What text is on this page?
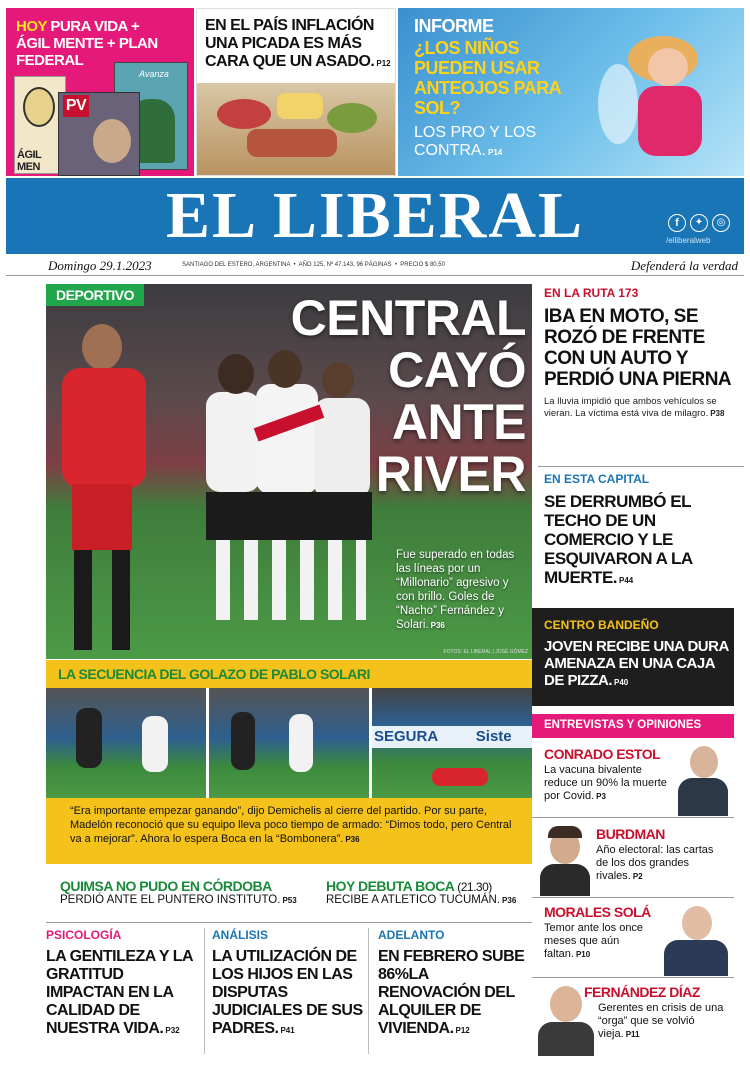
HOY PURA VIDA +
ÁGIL MENTE + PLAN
FEDERAL
ÁGIL MEN
Avanza
PV
EN EL PAÍS INFLACIÓN UNA PICADA ES MÁS CARA QUE UN ASADO. P12
INFORME
¿LOS NIÑOS PUEDEN USAR ANTEOJOS PARA SOL?
LOS PRO Y LOS CONTRA. P14
EL LIBERAL	f	✦	◎
/elliberalweb
Domingo 29.1.2023	SANTIAGO DEL ESTERO, ARGENTINA  •  AÑO 125, Nº 47.143, 96 PÁGINAS  •  PRECIO $ 80,50	Defenderá la verdad
DEPORTIVO	CENTRAL
CAYÓ
ANTE
RIVER
Fue superado en todas las líneas por un “Millonario” agresivo y con brillo. Goles de “Nacho” Fernández y Solari. P36
FOTOS: EL LIBERAL | JOSÉ GÓMEZ
LA SECUENCIA DEL GOLAZO DE PABLO SOLARI
SEGURA	Siste
“Era importante empezar ganando”, dijo Demichelis al cierre del partido. Por su parte, Madelón reconoció que su equipo lleva poco tiempo de armado: “Dimos todo, pero Central va a mejorar”. Ahora lo espera Boca en la “Bombonera”. P36
QUIMSA NO PUDO EN CÓRDOBA
PERDIÓ ANTE EL PUNTERO INSTITUTO. P53
HOY DEBUTA BOCA (21.30)
RECIBE A ATLETICO TUCUMÁN. P36
PSICOLOGÍA
LA GENTILEZA Y LA GRATITUD IMPACTAN EN LA CALIDAD DE NUESTRA VIDA. P32
ANÁLISIS
LA UTILIZACIÓN DE LOS HIJOS EN LAS DISPUTAS JUDICIALES DE SUS PADRES. P41
ADELANTO
EN FEBRERO SUBE 86%LA RENOVACIÓN DEL ALQUILER DE VIVIENDA. P12
EN LA RUTA 173
IBA EN MOTO, SE ROZÓ DE FRENTE CON UN AUTO Y PERDIÓ UNA PIERNA
La lluvia impidió que ambos vehículos se vieran. La víctima está viva de milagro. P38
EN ESTA CAPITAL
SE DERRUMBÓ EL TECHO DE UN COMERCIO Y LE ESQUIVARON A LA MUERTE. P44
CENTRO BANDEÑO
JOVEN RECIBE UNA DURA AMENAZA EN UNA CAJA DE PIZZA. P40
ENTREVISTAS Y OPINIONES
CONRADO ESTOL
La vacuna bivalente reduce un 90% la muerte por Covid. P3
BURDMAN
Año electoral: las cartas de los dos grandes rivales. P2
MORALES SOLÁ
Temor ante los once meses que aún faltan. P10
FERNÁNDEZ DÍAZ
Gerentes en crisis de una “orga” que se volvió vieja. P11
